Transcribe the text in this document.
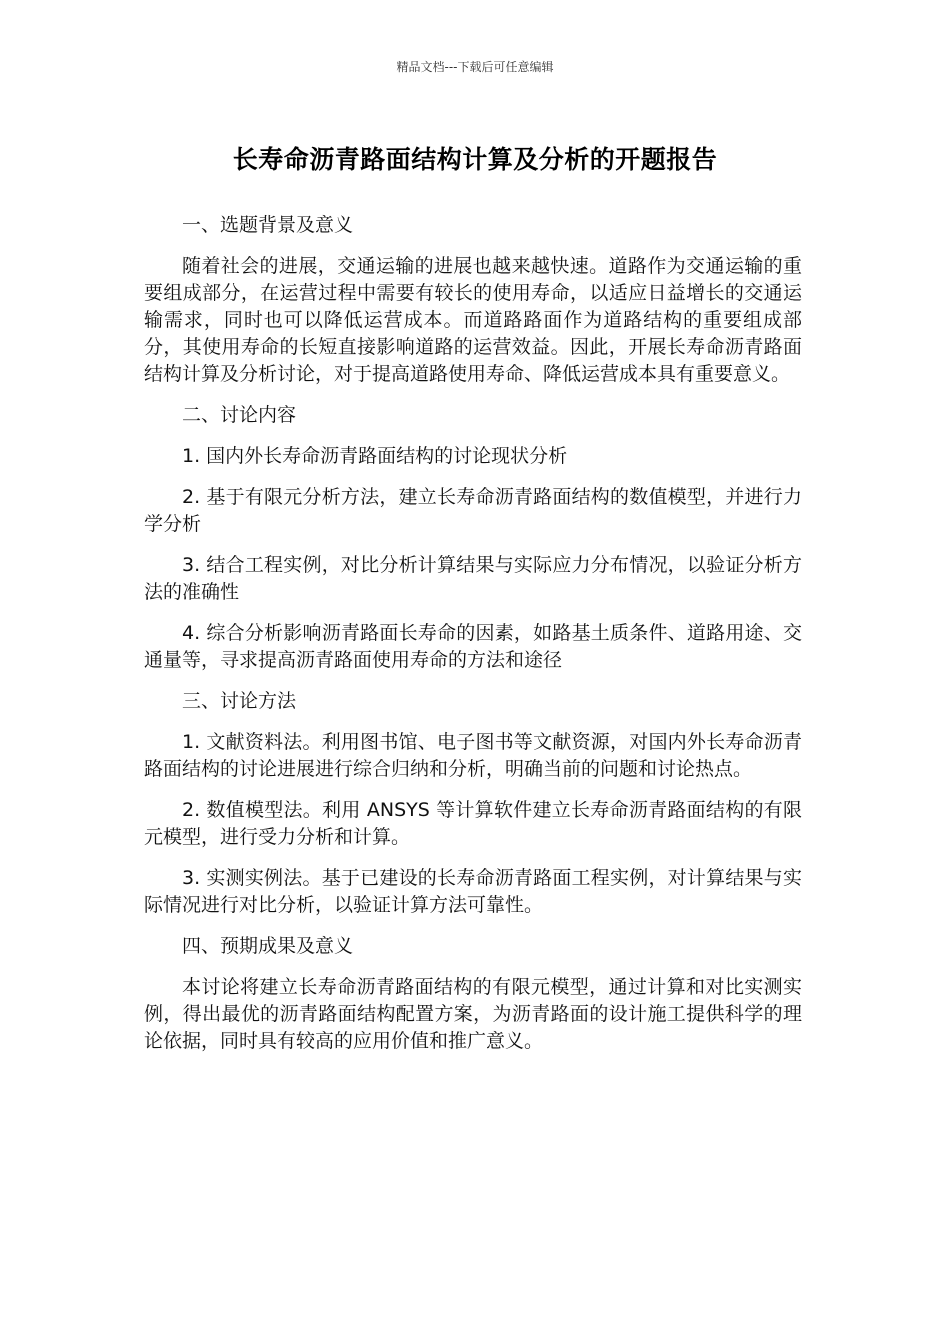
精品文档---下载后可任意编辑
长寿命沥青路面结构计算及分析的开题报告

一、选题背景及意义

随着社会的进展，交通运输的进展也越来越快速。道路作为交通运输的重要组成部分，在运营过程中需要有较长的使用寿命，以适应日益增长的交通运输需求，同时也可以降低运营成本。而道路路面作为道路结构的重要组成部分，其使用寿命的长短直接影响道路的运营效益。因此，开展长寿命沥青路面结构计算及分析讨论，对于提高道路使用寿命、降低运营成本具有重要意义。

二、讨论内容

1. 国内外长寿命沥青路面结构的讨论现状分析

2. 基于有限元分析方法，建立长寿命沥青路面结构的数值模型，并进行力学分析

3. 结合工程实例，对比分析计算结果与实际应力分布情况，以验证分析方法的准确性

4. 综合分析影响沥青路面长寿命的因素，如路基土质条件、道路用途、交通量等，寻求提高沥青路面使用寿命的方法和途径

三、讨论方法

1. 文献资料法。利用图书馆、电子图书等文献资源，对国内外长寿命沥青路面结构的讨论进展进行综合归纳和分析，明确当前的问题和讨论热点。

2. 数值模型法。利用 ANSYS 等计算软件建立长寿命沥青路面结构的有限元模型，进行受力分析和计算。

3. 实测实例法。基于已建设的长寿命沥青路面工程实例，对计算结果与实际情况进行对比分析，以验证计算方法可靠性。

四、预期成果及意义

本讨论将建立长寿命沥青路面结构的有限元模型，通过计算和对比实测实例，得出最优的沥青路面结构配置方案，为沥青路面的设计施工提供科学的理论依据，同时具有较高的应用价值和推广意义。
